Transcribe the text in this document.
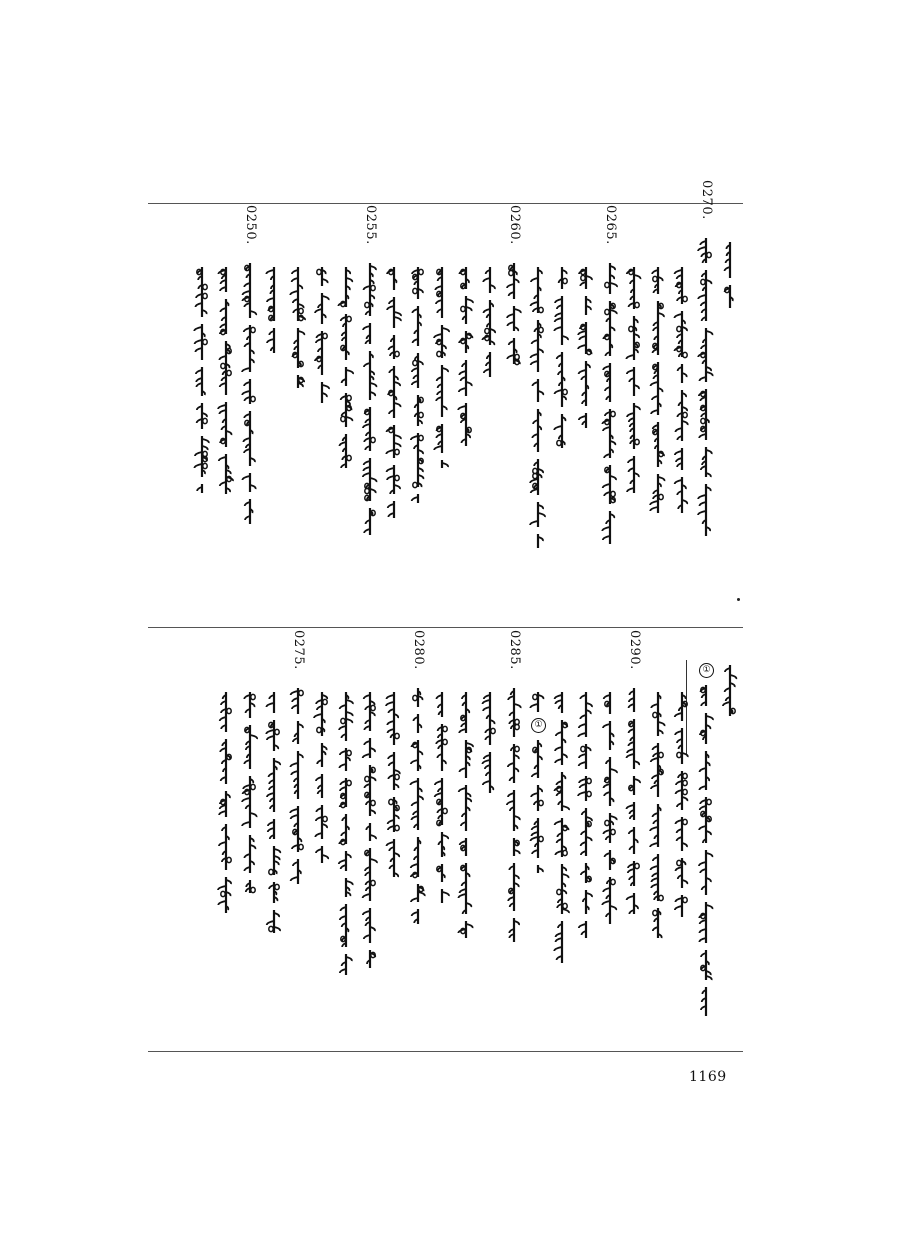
0270.
0265.
0260.
0255.
0250.
①
0290.
①
0285.
0280.
0275.
1169
